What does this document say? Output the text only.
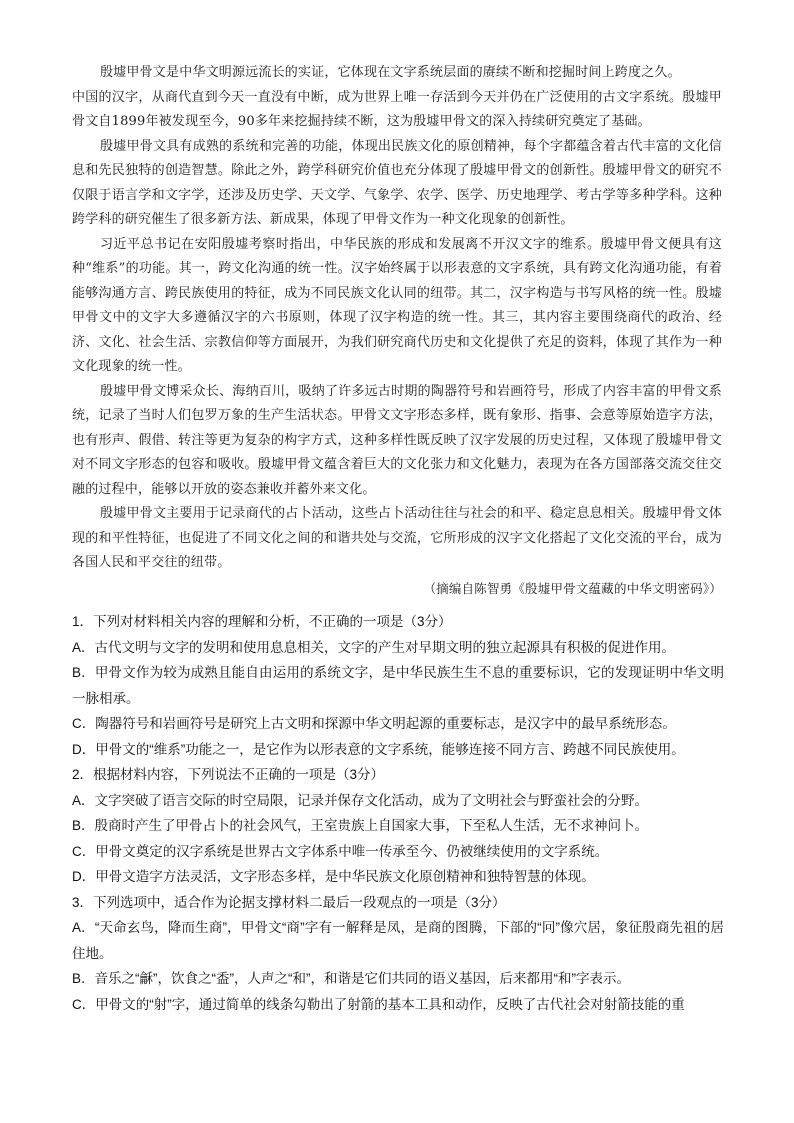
殷墟甲骨文是中华文明源远流长的实证，它体现在文字系统层面的赓续不断和挖掘时间上跨度之久。

中国的汉字，从商代直到今天一直没有中断，成为世界上唯一存活到今天并仍在广泛使用的古文字系统。殷墟甲骨文自1899年被发现至今，90多年来挖掘持续不断，这为殷墟甲骨文的深入持续研究奠定了基础。

殷墟甲骨文具有成熟的系统和完善的功能，体现出民族文化的原创精神，每个字都蕴含着古代丰富的文化信息和先民独特的创造智慧。除此之外，跨学科研究价值也充分体现了殷墟甲骨文的创新性。殷墟甲骨文的研究不仅限于语言学和文字学，还涉及历史学、天文学、气象学、农学、医学、历史地理学、考古学等多种学科。这种跨学科的研究催生了很多新方法、新成果，体现了甲骨文作为一种文化现象的创新性。

习近平总书记在安阳殷墟考察时指出，中华民族的形成和发展离不开汉文字的维系。殷墟甲骨文便具有这种“维系”的功能。其一，跨文化沟通的统一性。汉字始终属于以形表意的文字系统，具有跨文化沟通功能，有着能够沟通方言、跨民族使用的特征，成为不同民族文化认同的纽带。其二，汉字构造与书写风格的统一性。殷墟甲骨文中的文字大多遵循汉字的六书原则，体现了汉字构造的统一性。其三，其内容主要围绕商代的政治、经济、文化、社会生活、宗教信仰等方面展开，为我们研究商代历史和文化提供了充足的资料，体现了其作为一种文化现象的统一性。

殷墟甲骨文博采众长、海纳百川，吸纳了许多远古时期的陶器符号和岩画符号，形成了内容丰富的甲骨文系统，记录了当时人们包罗万象的生产生活状态。甲骨文文字形态多样，既有象形、指事、会意等原始造字方法，也有形声、假借、转注等更为复杂的构字方式，这种多样性既反映了汉字发展的历史过程，又体现了殷墟甲骨文对不同文字形态的包容和吸收。殷墟甲骨文蕴含着巨大的文化张力和文化魅力，表现为在各方国部落交流交往交融的过程中，能够以开放的姿态兼收并蓄外来文化。

殷墟甲骨文主要用于记录商代的占卜活动，这些占卜活动往往与社会的和平、稳定息息相关。殷墟甲骨文体现的和平性特征，也促进了不同文化之间的和谐共处与交流，它所形成的汉字文化搭起了文化交流的平台，成为各国人民和平交往的纽带。

（摘编自陈智勇《殷墟甲骨文蕴藏的中华文明密码》）

1．下列对材料相关内容的理解和分析，不正确的一项是（3分）

A．古代文明与文字的发明和使用息息相关，文字的产生对早期文明的独立起源具有积极的促进作用。

B．甲骨文作为较为成熟且能自由运用的系统文字，是中华民族生生不息的重要标识，它的发现证明中华文明一脉相承。

C．陶器符号和岩画符号是研究上古文明和探源中华文明起源的重要标志，是汉字中的最早系统形态。

D．甲骨文的“维系”功能之一，是它作为以形表意的文字系统，能够连接不同方言、跨越不同民族使用。

2．根据材料内容，下列说法不正确的一项是（3分）

A．文字突破了语言交际的时空局限，记录并保存文化活动，成为了文明社会与野蛮社会的分野。

B．殷商时产生了甲骨占卜的社会风气，王室贵族上自国家大事，下至私人生活，无不求神问卜。

C．甲骨文奠定的汉字系统是世界古文字体系中唯一传承至今、仍被继续使用的文字系统。

D．甲骨文造字方法灵活，文字形态多样，是中华民族文化原创精神和独特智慧的体现。

3．下列选项中，适合作为论据支撑材料二最后一段观点的一项是（3分）

A．“天命玄鸟，降而生商”，甲骨文“商”字有一解释是凤，是商的图腾，下部的“冋”像穴居，象征殷商先祖的居住地。

B．音乐之“龢”，饮食之“盉”，人声之“和”，和谐是它们共同的语义基因，后来都用“和”字表示。

C．甲骨文的“射”字，通过简单的线条勾勒出了射箭的基本工具和动作，反映了古代社会对射箭技能的重
